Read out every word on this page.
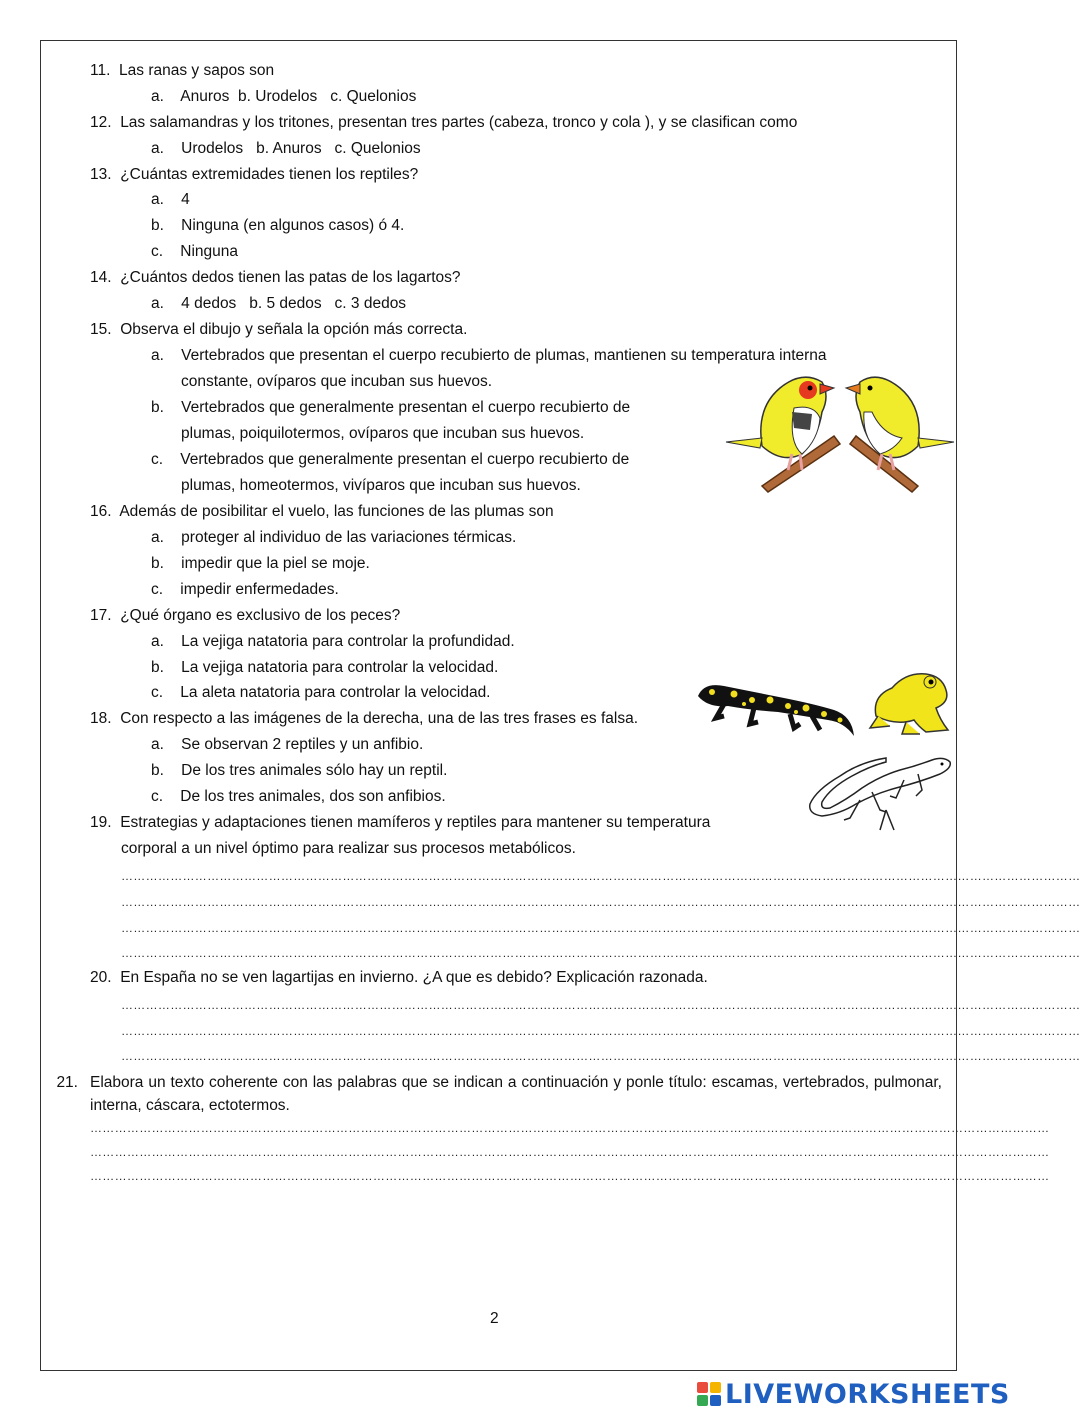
11. Las ranas y sapos son
a.    Anuros  b. Urodelos   c. Quelonios
12. Las salamandras y los tritones, presentan tres partes (cabeza, tronco y cola ), y se clasifican como
a.    Urodelos   b. Anuros   c. Quelonios
13. ¿Cuántas extremidades tienen los reptiles?
a. 4
b. Ninguna (en algunos casos) ó 4.
c. Ninguna
14. ¿Cuántos dedos tienen las patas de los lagartos?
a.    4 dedos   b. 5 dedos   c. 3 dedos
15. Observa el dibujo y señala la opción más correcta.
a. Vertebrados que presentan el cuerpo recubierto de plumas, mantienen su temperatura interna
constante, ovíparos que incuban sus huevos.
b. Vertebrados que generalmente presentan el cuerpo recubierto de
plumas, poiquilotermos, ovíparos que incuban sus huevos.
c. Vertebrados que generalmente presentan el cuerpo recubierto de
plumas, homeotermos, vivíparos que incuban sus huevos.
16. Además de posibilitar el vuelo, las funciones de las plumas son
a. proteger al individuo de las variaciones térmicas.
b. impedir que la piel se moje.
c. impedir enfermedades.
17. ¿Qué órgano es exclusivo de los peces?
a. La vejiga natatoria para controlar la profundidad.
b. La vejiga natatoria para controlar la velocidad.
c. La aleta natatoria para controlar la velocidad.
18. Con respecto a las imágenes de la derecha, una de las tres frases es falsa.
a. Se observan 2 reptiles y un anfibio.
b. De los tres animales sólo hay un reptil.
c. De los tres animales, dos son anfibios.
19. Estrategias y adaptaciones tienen mamíferos y reptiles para mantener su temperatura
corporal a un nivel óptimo para realizar sus procesos metabólicos.
………………………………………………………………………………………………………………………………………………………………………………………………………………
………………………………………………………………………………………………………………………………………………………………………………………………………………
………………………………………………………………………………………………………………………………………………………………………………………………………………
………………………………………………………………………………………………………………………………………………………………………………………………………………
20. En España no se ven lagartijas en invierno. ¿A que es debido? Explicación razonada.
………………………………………………………………………………………………………………………………………………………………………………………………………………
………………………………………………………………………………………………………………………………………………………………………………………………………………
………………………………………………………………………………………………………………………………………………………………………………………………………………
21. Elabora un texto coherente con las palabras que se indican a continuación y ponle título: escamas, vertebrados, pulmonar, interna, cáscara, ectotermos.
………………………………………………………………………………………………………………………………………………………………………………………………………………
………………………………………………………………………………………………………………………………………………………………………………………………………………
………………………………………………………………………………………………………………………………………………………………………………………………………………
2
LIVEWORKSHEETS
